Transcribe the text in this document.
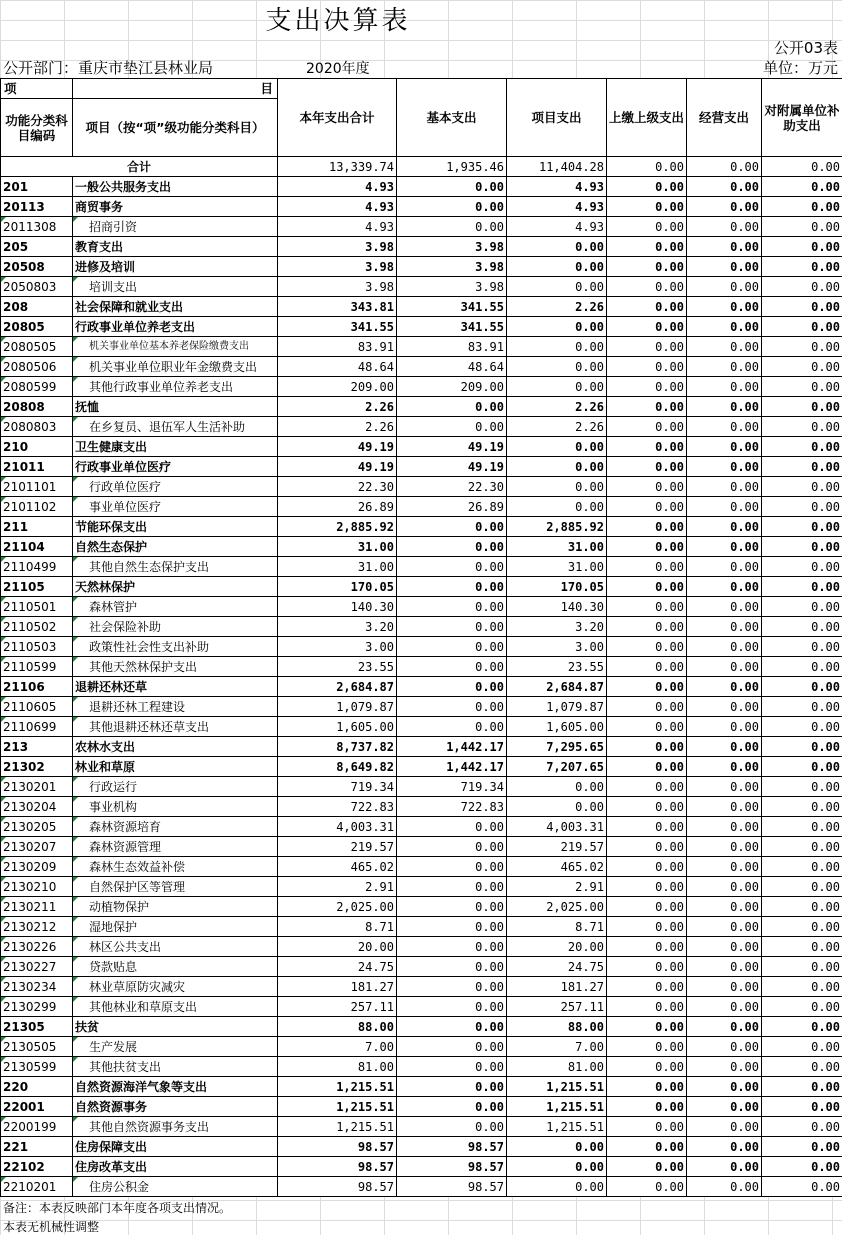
支出决算表
公开03表
公开部门：重庆市垫江县林业局	2020年度	单位：万元
项	目	本年支出合计	基本支出	项目支出	上缴上级支出	经营支出	对附属单位补助支出
功能分类科目编码	项目（按“项”级功能分类科目）						
合计		13,339.74	1,935.46	11,404.28	0.00	0.00	0.00
201	一般公共服务支出	4.93	0.00	4.93	0.00	0.00	0.00
20113	商贸事务	4.93	0.00	4.93	0.00	0.00	0.00
2011308	招商引资	4.93	0.00	4.93	0.00	0.00	0.00
205	教育支出	3.98	3.98	0.00	0.00	0.00	0.00
20508	进修及培训	3.98	3.98	0.00	0.00	0.00	0.00
2050803	培训支出	3.98	3.98	0.00	0.00	0.00	0.00
208	社会保障和就业支出	343.81	341.55	2.26	0.00	0.00	0.00
20805	行政事业单位养老支出	341.55	341.55	0.00	0.00	0.00	0.00
2080505	机关事业单位基本养老保险缴费支出	83.91	83.91	0.00	0.00	0.00	0.00
2080506	机关事业单位职业年金缴费支出	48.64	48.64	0.00	0.00	0.00	0.00
2080599	其他行政事业单位养老支出	209.00	209.00	0.00	0.00	0.00	0.00
20808	抚恤	2.26	0.00	2.26	0.00	0.00	0.00
2080803	在乡复员、退伍军人生活补助	2.26	0.00	2.26	0.00	0.00	0.00
210	卫生健康支出	49.19	49.19	0.00	0.00	0.00	0.00
21011	行政事业单位医疗	49.19	49.19	0.00	0.00	0.00	0.00
2101101	行政单位医疗	22.30	22.30	0.00	0.00	0.00	0.00
2101102	事业单位医疗	26.89	26.89	0.00	0.00	0.00	0.00
211	节能环保支出	2,885.92	0.00	2,885.92	0.00	0.00	0.00
21104	自然生态保护	31.00	0.00	31.00	0.00	0.00	0.00
2110499	其他自然生态保护支出	31.00	0.00	31.00	0.00	0.00	0.00
21105	天然林保护	170.05	0.00	170.05	0.00	0.00	0.00
2110501	森林管护	140.30	0.00	140.30	0.00	0.00	0.00
2110502	社会保险补助	3.20	0.00	3.20	0.00	0.00	0.00
2110503	政策性社会性支出补助	3.00	0.00	3.00	0.00	0.00	0.00
2110599	其他天然林保护支出	23.55	0.00	23.55	0.00	0.00	0.00
21106	退耕还林还草	2,684.87	0.00	2,684.87	0.00	0.00	0.00
2110605	退耕还林工程建设	1,079.87	0.00	1,079.87	0.00	0.00	0.00
2110699	其他退耕还林还草支出	1,605.00	0.00	1,605.00	0.00	0.00	0.00
213	农林水支出	8,737.82	1,442.17	7,295.65	0.00	0.00	0.00
21302	林业和草原	8,649.82	1,442.17	7,207.65	0.00	0.00	0.00
2130201	行政运行	719.34	719.34	0.00	0.00	0.00	0.00
2130204	事业机构	722.83	722.83	0.00	0.00	0.00	0.00
2130205	森林资源培育	4,003.31	0.00	4,003.31	0.00	0.00	0.00
2130207	森林资源管理	219.57	0.00	219.57	0.00	0.00	0.00
2130209	森林生态效益补偿	465.02	0.00	465.02	0.00	0.00	0.00
2130210	自然保护区等管理	2.91	0.00	2.91	0.00	0.00	0.00
2130211	动植物保护	2,025.00	0.00	2,025.00	0.00	0.00	0.00
2130212	湿地保护	8.71	0.00	8.71	0.00	0.00	0.00
2130226	林区公共支出	20.00	0.00	20.00	0.00	0.00	0.00
2130227	贷款贴息	24.75	0.00	24.75	0.00	0.00	0.00
2130234	林业草原防灾减灾	181.27	0.00	181.27	0.00	0.00	0.00
2130299	其他林业和草原支出	257.11	0.00	257.11	0.00	0.00	0.00
21305	扶贫	88.00	0.00	88.00	0.00	0.00	0.00
2130505	生产发展	7.00	0.00	7.00	0.00	0.00	0.00
2130599	其他扶贫支出	81.00	0.00	81.00	0.00	0.00	0.00
220	自然资源海洋气象等支出	1,215.51	0.00	1,215.51	0.00	0.00	0.00
22001	自然资源事务	1,215.51	0.00	1,215.51	0.00	0.00	0.00
2200199	其他自然资源事务支出	1,215.51	0.00	1,215.51	0.00	0.00	0.00
221	住房保障支出	98.57	98.57	0.00	0.00	0.00	0.00
22102	住房改革支出	98.57	98.57	0.00	0.00	0.00	0.00
2210201	住房公积金	98.57	98.57	0.00	0.00	0.00	0.00
备注：本表反映部门本年度各项支出情况。
本表无机械性调整
